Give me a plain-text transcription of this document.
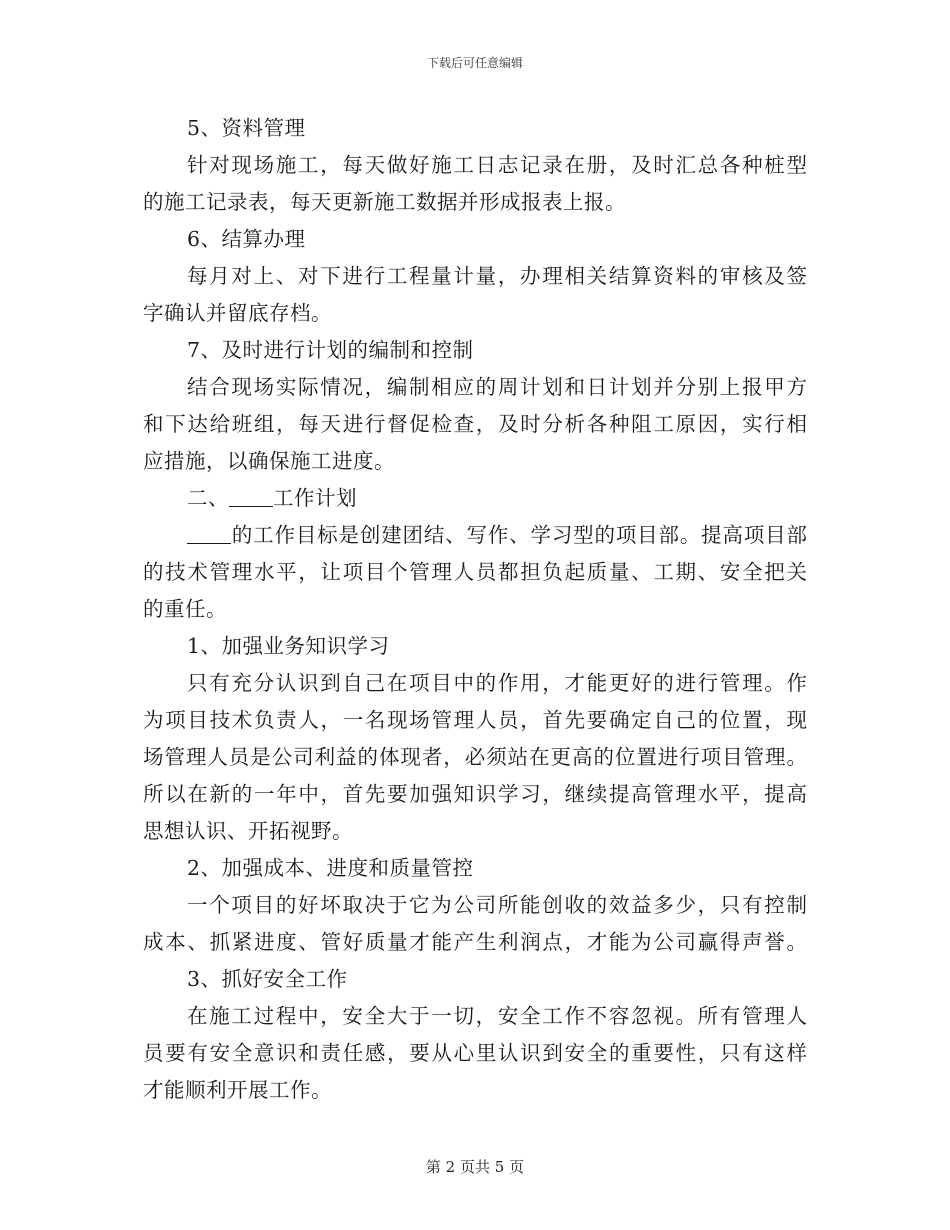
下载后可任意编辑
5、资料管理
针对现场施工，每天做好施工日志记录在册，及时汇总各种桩型
的施工记录表，每天更新施工数据并形成报表上报。
6、结算办理
每月对上、对下进行工程量计量，办理相关结算资料的审核及签
字确认并留底存档。
7、及时进行计划的编制和控制
结合现场实际情况，编制相应的周计划和日计划并分别上报甲方
和下达给班组，每天进行督促检查，及时分析各种阻工原因，实行相
应措施，以确保施工进度。
二、 工作计划
的工作目标是创建团结、写作、学习型的项目部。提高项目部
的技术管理水平，让项目个管理人员都担负起质量、工期、安全把关
的重任。
1、加强业务知识学习
只有充分认识到自己在项目中的作用，才能更好的进行管理。作
为项目技术负责人，一名现场管理人员，首先要确定自己的位置，现
场管理人员是公司利益的体现者，必须站在更高的位置进行项目管理。
所以在新的一年中，首先要加强知识学习，继续提高管理水平，提高
思想认识、开拓视野。
2、加强成本、进度和质量管控
一个项目的好坏取决于它为公司所能创收的效益多少，只有控制
成本、抓紧进度、管好质量才能产生利润点，才能为公司赢得声誉。
3、抓好安全工作
在施工过程中，安全大于一切，安全工作不容忽视。所有管理人
员要有安全意识和责任感，要从心里认识到安全的重要性，只有这样
才能顺利开展工作。
第 2 页共 5 页
